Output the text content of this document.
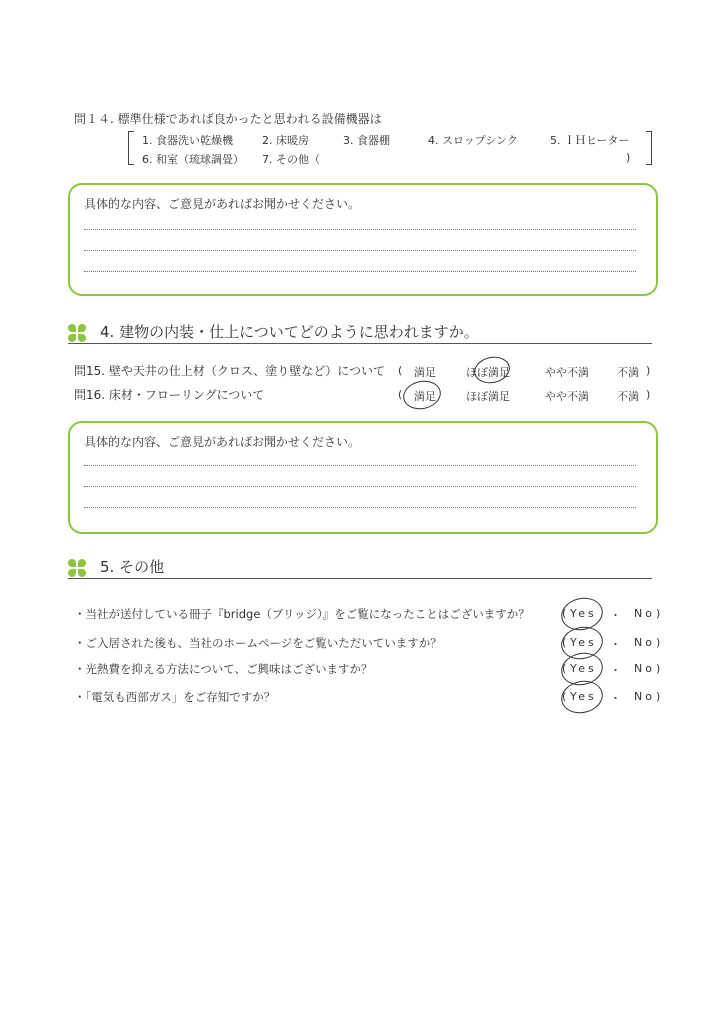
問１４. 標準仕様であれば良かったと思われる設備機器は
1. 食器洗い乾燥機	2. 床暖房	3. 食器棚	4. スロップシンク	5. ＩＨヒーター
6. 和室（琉球調畳） 7. その他（	)
具体的な内容、ご意見があればお聞かせください。
4. 建物の内装・仕上についてどのように思われますか。
問15. 壁や天井の仕上材（クロス、塗り壁など）について ( 満足	ほぼ満足	やや不満	不満 )
問16. 床材・フローリングについて	( 満足	ほぼ満足	やや不満	不満 )
具体的な内容、ご意見があればお聞かせください。
5. その他
・当社が送付している冊子『bridge（ブリッジ）』をご覧になったことはございますか？	( Yes ・ No )
・ご入居された後も、当社のホームページをご覧いただいていますか？	( Yes ・ No )
・光熱費を抑える方法について、ご興味はございますか？	( Yes ・ No )
・「電気も西部ガス」をご存知ですか？	( Yes ・ No )
